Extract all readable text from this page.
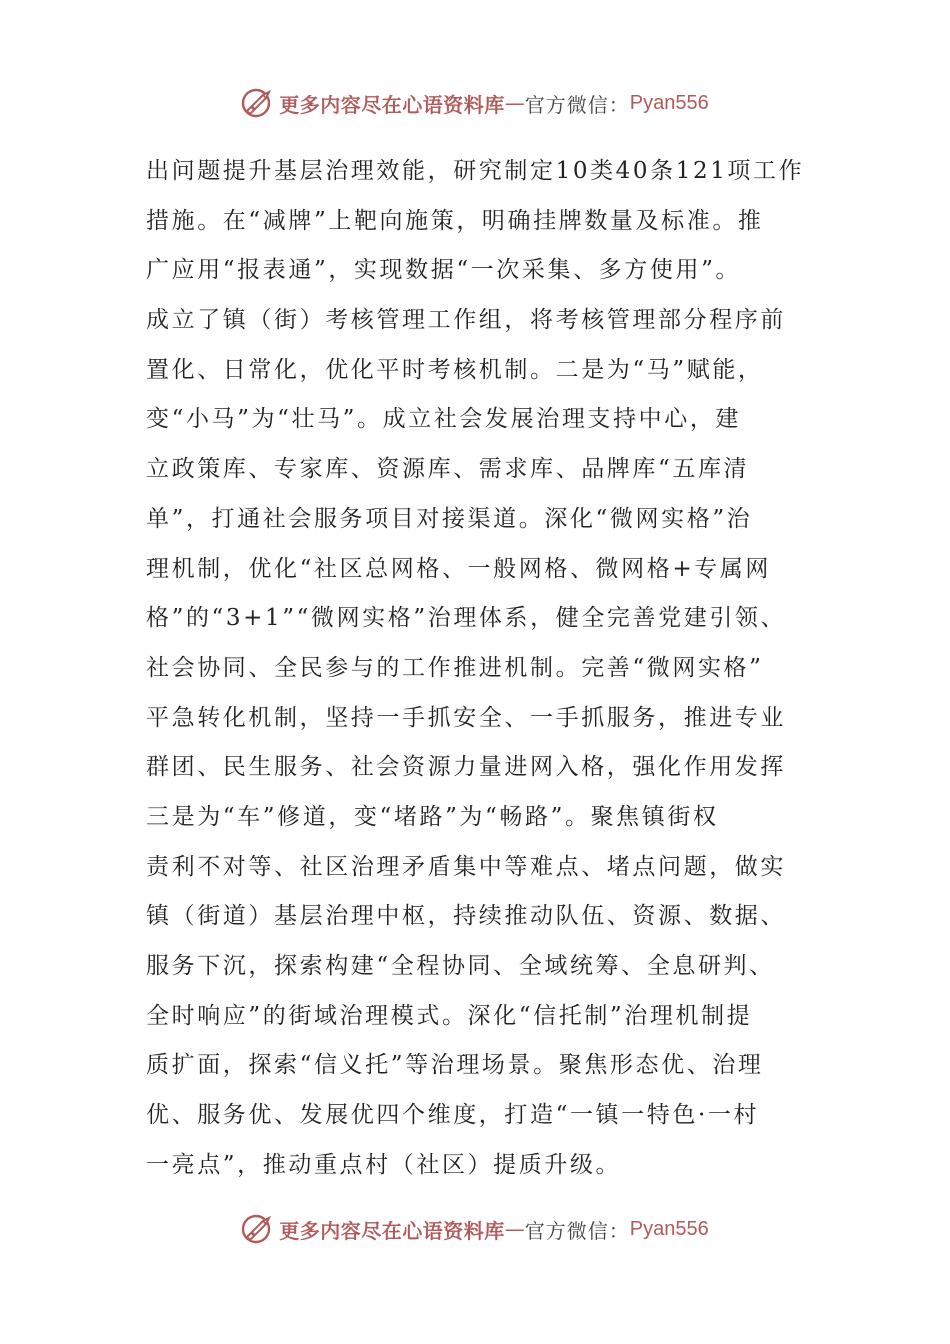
更多内容尽在心语资料库 — 官方微信： Pyan556
出问题提升基层治理效能，研究制定10类40条121项工作
措施。在“减牌”上靶向施策，明确挂牌数量及标准。推
广应用“报表通”，实现数据“一次采集、多方使用”。
成立了镇（街）考核管理工作组，将考核管理部分程序前
置化、日常化，优化平时考核机制。二是为“马”赋能，
变“小马”为“壮马”。成立社会发展治理支持中心，建
立政策库、专家库、资源库、需求库、品牌库“五库清
单”，打通社会服务项目对接渠道。深化“微网实格”治
理机制，优化“社区总网格、一般网格、微网格+专属网
格”的“3+1”“微网实格”治理体系，健全完善党建引领、
社会协同、全民参与的工作推进机制。完善“微网实格”
平急转化机制，坚持一手抓安全、一手抓服务，推进专业
群团、民生服务、社会资源力量进网入格，强化作用发挥
三是为“车”修道，变“堵路”为“畅路”。聚焦镇街权
责利不对等、社区治理矛盾集中等难点、堵点问题，做实
镇（街道）基层治理中枢，持续推动队伍、资源、数据、
服务下沉，探索构建“全程协同、全域统筹、全息研判、
全时响应”的街域治理模式。深化“信托制”治理机制提
质扩面，探索“信义托”等治理场景。聚焦形态优、治理
优、服务优、发展优四个维度，打造“一镇一特色·一村
一亮点”，推动重点村（社区）提质升级。
更多内容尽在心语资料库 — 官方微信： Pyan556
